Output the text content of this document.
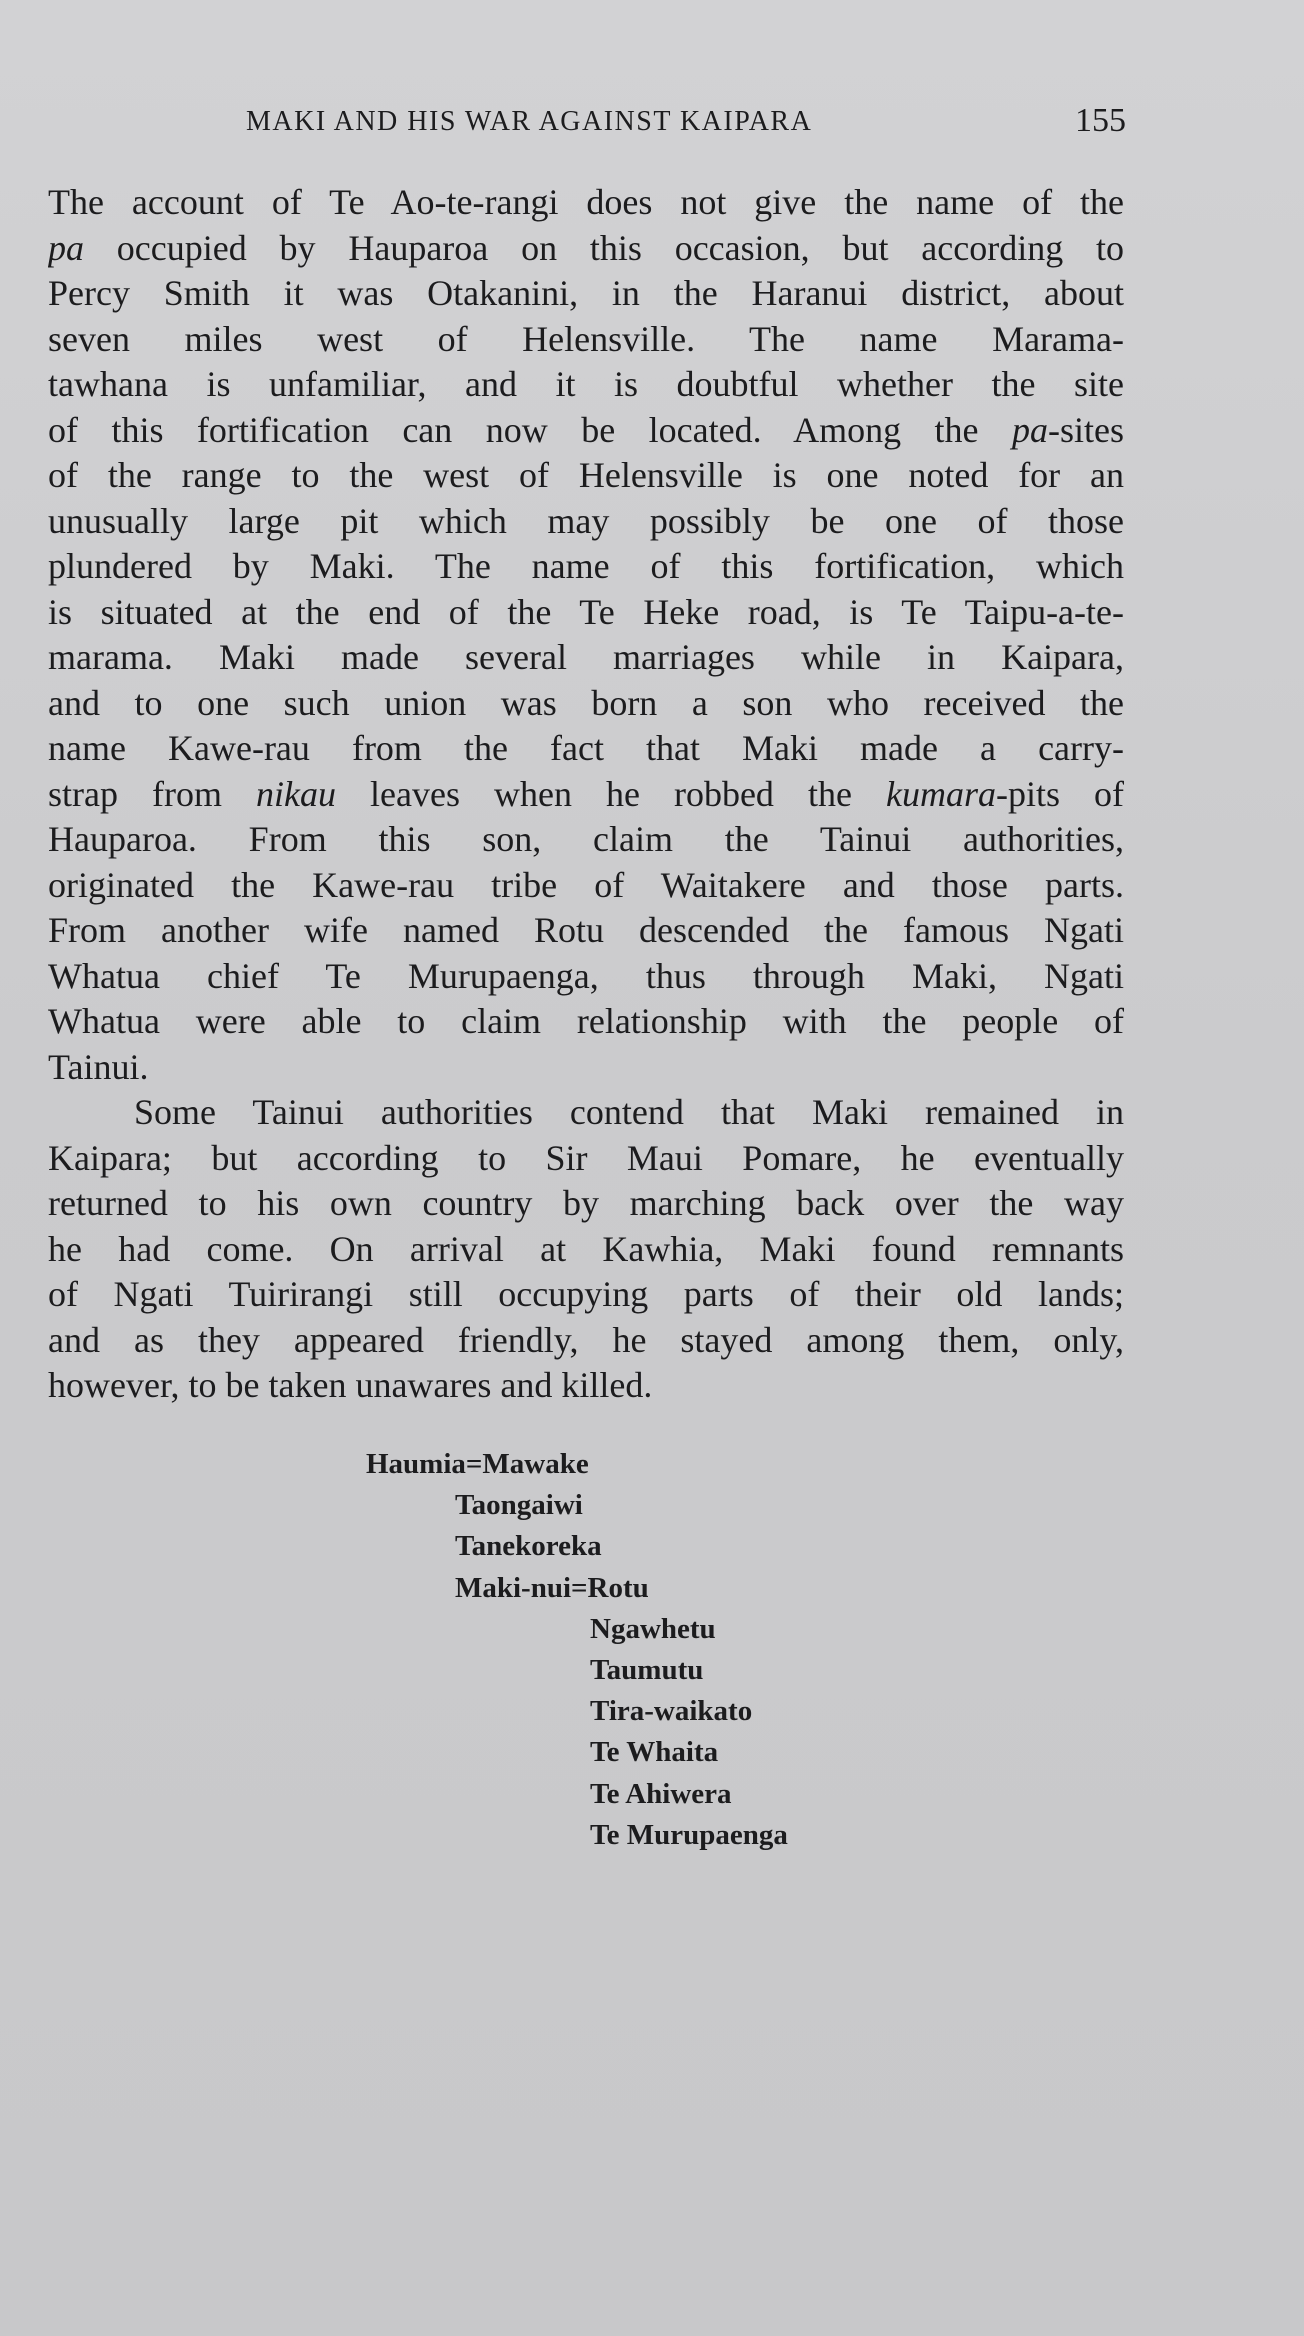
MAKI AND HIS WAR AGAINST KAIPARA	155
The account of Te Ao-te-rangi does not give the name of the
pa occupied by Hauparoa on this occasion, but according to
Percy Smith it was Otakanini, in the Haranui district, about
seven miles west of Helensville. The name Marama-
tawhana is unfamiliar, and it is doubtful whether the site
of this fortification can now be located. Among the pa-sites
of the range to the west of Helensville is one noted for an
unusually large pit which may possibly be one of those
plundered by Maki. The name of this fortification, which
is situated at the end of the Te Heke road, is Te Taipu-a-te-
marama. Maki made several marriages while in Kaipara,
and to one such union was born a son who received the
name Kawe-rau from the fact that Maki made a carry-
strap from nikau leaves when he robbed the kumara-pits of
Hauparoa. From this son, claim the Tainui authorities,
originated the Kawe-rau tribe of Waitakere and those parts.
From another wife named Rotu descended the famous Ngati
Whatua chief Te Murupaenga, thus through Maki, Ngati
Whatua were able to claim relationship with the people of
Tainui.
Some Tainui authorities contend that Maki remained in
Kaipara; but according to Sir Maui Pomare, he eventually
returned to his own country by marching back over the way
he had come. On arrival at Kawhia, Maki found remnants
of Ngati Tuirirangi still occupying parts of their old lands;
and as they appeared friendly, he stayed among them, only,
however, to be taken unawares and killed.
Haumia=Mawake
Taongaiwi
Tanekoreka
Maki-nui=Rotu
Ngawhetu
Taumutu
Tira-waikato
Te Whaita
Te Ahiwera
Te Murupaenga
